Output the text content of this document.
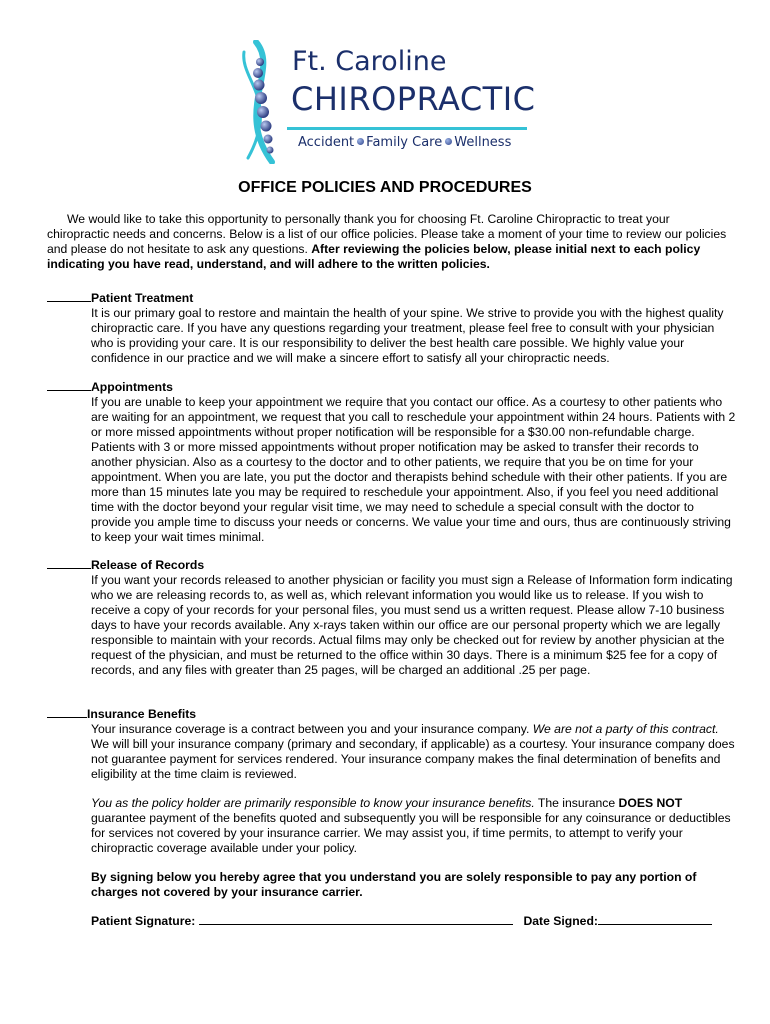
Ft. Caroline
CHIROPRACTIC
Accident Family Care Wellness
OFFICE POLICIES AND PROCEDURES
We would like to take this opportunity to personally thank you for choosing Ft. Caroline Chiropractic to treat your chiropractic needs and concerns. Below is a list of our office policies. Please take a moment of your time to review our policies and please do not hesitate to ask any questions. After reviewing the policies below, please initial next to each policy indicating you have read, understand, and will adhere to the written policies.
Patient Treatment
It is our primary goal to restore and maintain the health of your spine. We strive to provide you with the highest quality chiropractic care. If you have any questions regarding your treatment, please feel free to consult with your physician who is providing your care. It is our responsibility to deliver the best health care possible. We highly value your confidence in our practice and we will make a sincere effort to satisfy all your chiropractic needs.
Appointments
If you are unable to keep your appointment we require that you contact our office. As a courtesy to other patients who are waiting for an appointment, we request that you call to reschedule your appointment within 24 hours. Patients with 2 or more missed appointments without proper notification will be responsible for a $30.00 non-refundable charge. Patients with 3 or more missed appointments without proper notification may be asked to transfer their records to another physician. Also as a courtesy to the doctor and to other patients, we require that you be on time for your appointment. When you are late, you put the doctor and therapists behind schedule with their other patients. If you are more than 15 minutes late you may be required to reschedule your appointment. Also, if you feel you need additional time with the doctor beyond your regular visit time, we may need to schedule a special consult with the doctor to provide you ample time to discuss your needs or concerns. We value your time and ours, thus are continuously striving to keep your wait times minimal.
Release of Records
If you want your records released to another physician or facility you must sign a Release of Information form indicating who we are releasing records to, as well as, which relevant information you would like us to release. If you wish to receive a copy of your records for your personal files, you must send us a written request. Please allow 7-10 business days to have your records available. Any x-rays taken within our office are our personal property which we are legally responsible to maintain with your records. Actual films may only be checked out for review by another physician at the request of the physician, and must be returned to the office within 30 days. There is a minimum $25 fee for a copy of records, and any files with greater than 25 pages, will be charged an additional .25 per page.
Insurance Benefits
Your insurance coverage is a contract between you and your insurance company. We are not a party of this contract. We will bill your insurance company (primary and secondary, if applicable) as a courtesy. Your insurance company does not guarantee payment for services rendered. Your insurance company makes the final determination of benefits and eligibility at the time claim is reviewed.
You as the policy holder are primarily responsible to know your insurance benefits. The insurance DOES NOT guarantee payment of the benefits quoted and subsequently you will be responsible for any coinsurance or deductibles for services not covered by your insurance carrier. We may assist you, if time permits, to attempt to verify your chiropractic coverage available under your policy.
By signing below you hereby agree that you understand you are solely responsible to pay any portion of charges not covered by your insurance carrier.
Patient Signature:	Date Signed:
